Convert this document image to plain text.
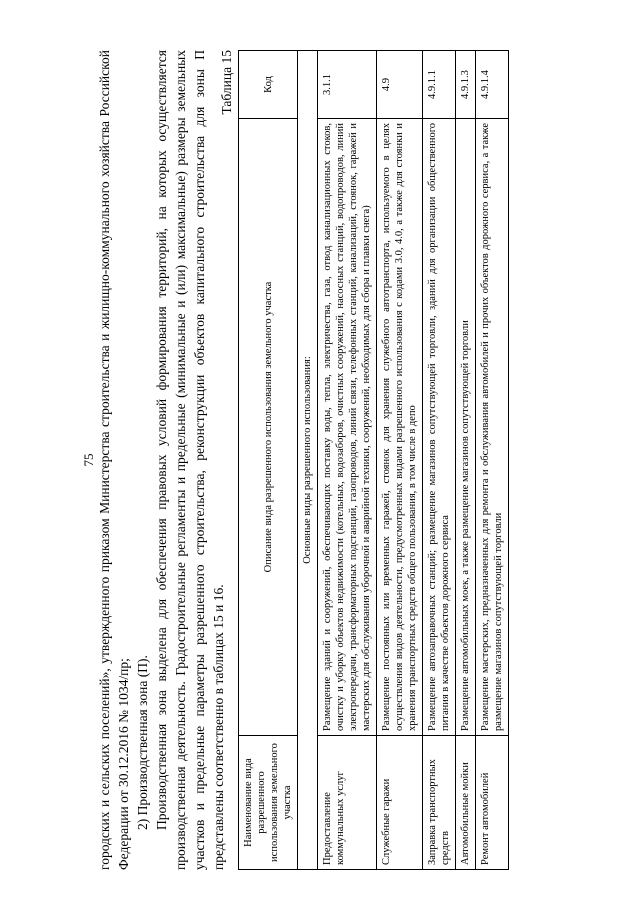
75 городских и сельских поселений», утвержденного приказом Министерства строительства и жилищно-коммунального хозяйства Российской Федерации от 30.12.2016 № 1034/пр; 2) Производственная зона (П). Производственная зона выделена для обеспечения правовых условий формирования территорий, на которых осуществляется производственная деятельность. Градостроительные регламенты и предельные (минимальные и (или) максимальные) размеры земельных участков и предельные параметры разрешенного строительства, реконструкции объектов капитального строительства для зоны П представлены соответственно в таблицах 15 и 16.
Таблица 15
Наименование вида разрешенного использования земельного участка	Описание вида разрешенного использования земельного участка	Код
Основные виды разрешенного использования:		
Предоставление коммунальных услуг	Размещение зданий и сооружений, обеспечивающих поставку воды, тепла, электричества, газа, отвод канализационных стоков, очистку и уборку объектов недвижимости (котельных, водозаборов, очистных сооружений, насосных станций, водопроводов, линий электропередачи, трансформаторных подстанций, газопроводов, линий связи, телефонных станций, канализаций, стоянок, гаражей и мастерских для обслуживания уборочной и аварийной техники, сооружений, необходимых для сбора и плавки снега)	3.1.1
Служебные гаражи	Размещение постоянных или временных гаражей, стоянок для хранения служебного автотранспорта, используемого в целях осуществления видов деятельности, предусмотренных видами разрешенного использования с кодами 3.0, 4.0, а также для стоянки и хранения транспортных средств общего пользования, в том числе в депо	4.9
Заправка транспортных средств	Размещение автозаправочных станций; размещение магазинов сопутствующей торговли, зданий для организации общественного питания в качестве объектов дорожного сервиса	4.9.1.1
Автомобильные мойки	Размещение автомобильных моек, а также размещение магазинов сопутствующей торговли	4.9.1.3
Ремонт автомобилей	Размещение мастерских, предназначенных для ремонта и обслуживания автомобилей и прочих объектов дорожного сервиса, а также размещение магазинов сопутствующей торговли	4.9.1.4
